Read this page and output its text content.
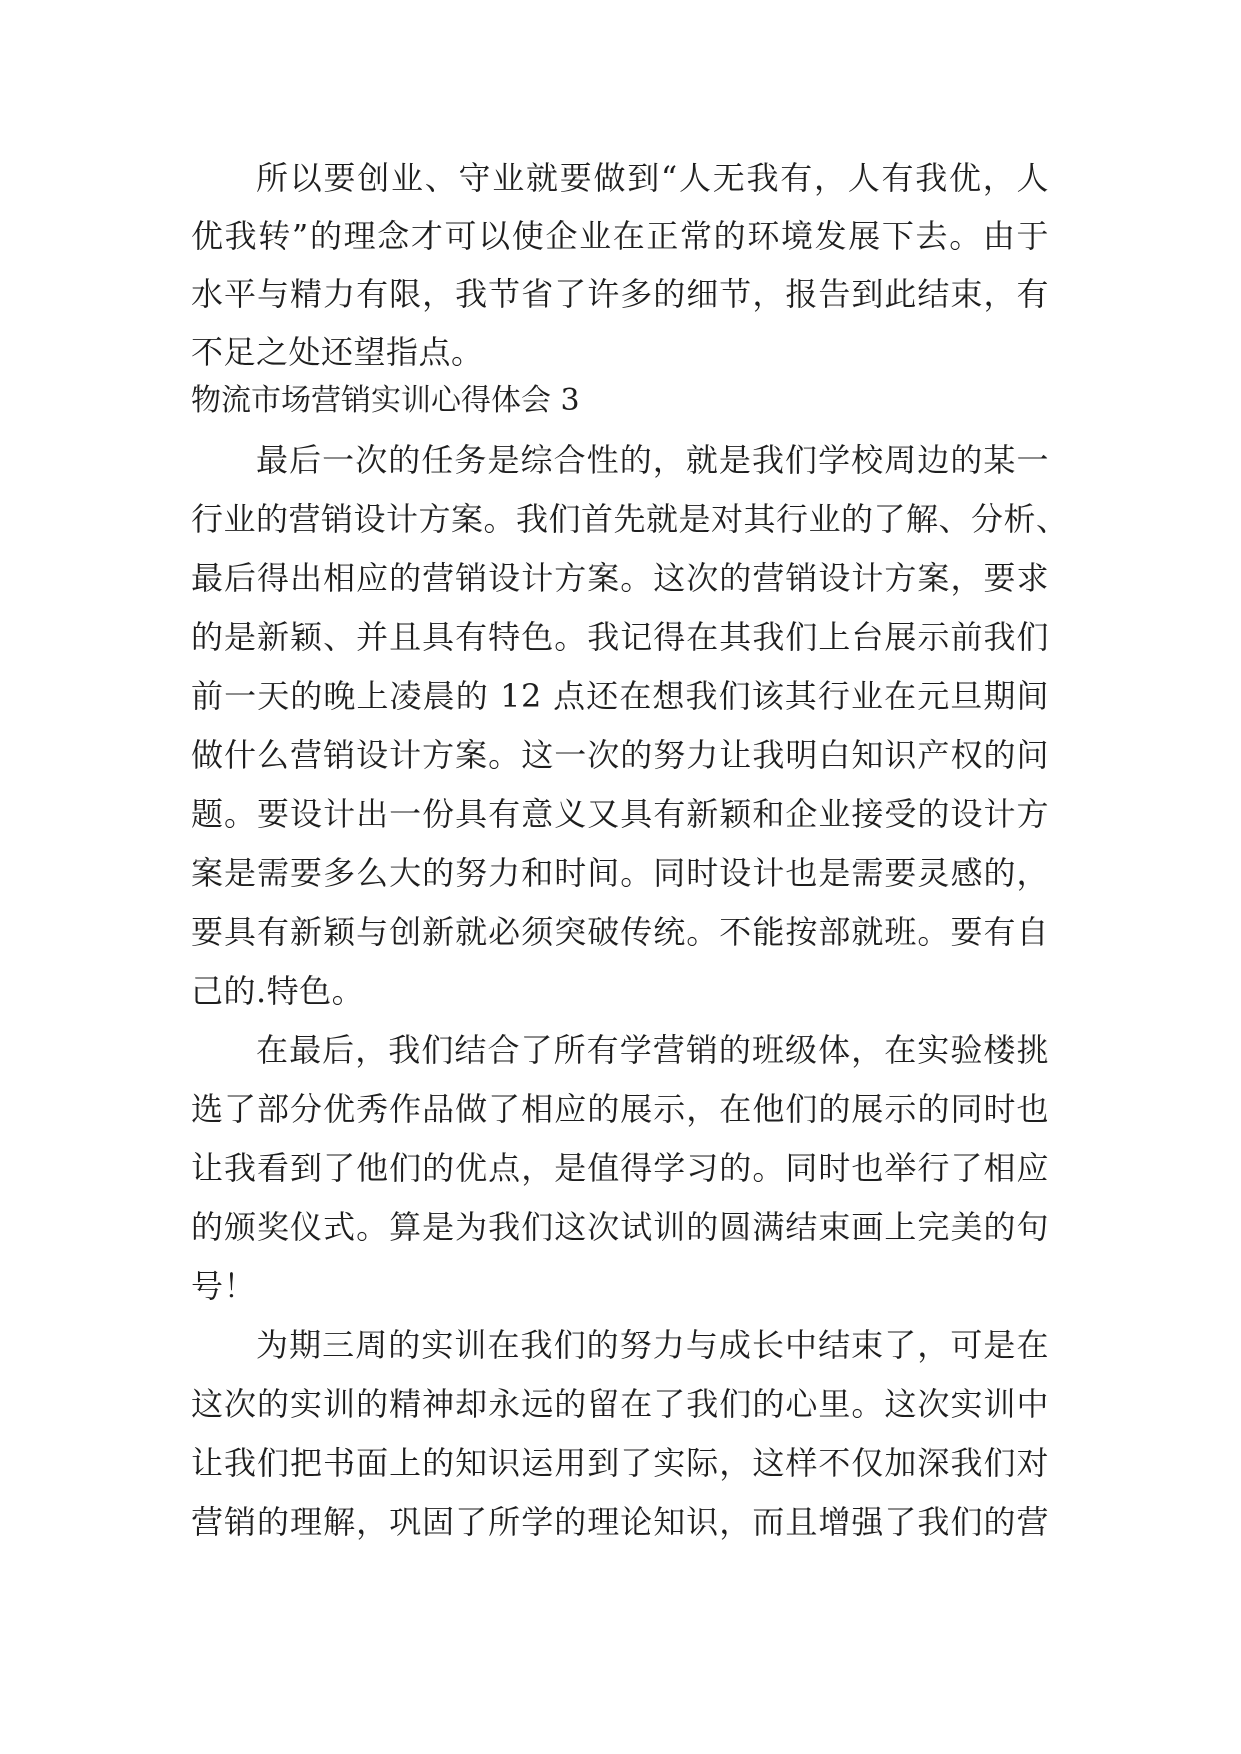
所以要创业、守业就要做到“人无我有，人有我优，人
优我转”的理念才可以使企业在正常的环境发展下去。由于
水平与精力有限，我节省了许多的细节，报告到此结束，有
不足之处还望指点。
物流市场营销实训心得体会 3
最后一次的任务是综合性的，就是我们学校周边的某一
行业的营销设计方案。我们首先就是对其行业的了解、分析、
最后得出相应的营销设计方案。这次的营销设计方案，要求
的是新颖、并且具有特色。我记得在其我们上台展示前我们
前一天的晚上凌晨的 12 点还在想我们该其行业在元旦期间
做什么营销设计方案。这一次的努力让我明白知识产权的问
题。要设计出一份具有意义又具有新颖和企业接受的设计方
案是需要多么大的努力和时间。同时设计也是需要灵感的，
要具有新颖与创新就必须突破传统。不能按部就班。要有自
己的.特色。
在最后，我们结合了所有学营销的班级体，在实验楼挑
选了部分优秀作品做了相应的展示，在他们的展示的同时也
让我看到了他们的优点，是值得学习的。同时也举行了相应
的颁奖仪式。算是为我们这次试训的圆满结束画上完美的句
号！
为期三周的实训在我们的努力与成长中结束了，可是在
这次的实训的精神却永远的留在了我们的心里。这次实训中
让我们把书面上的知识运用到了实际，这样不仅加深我们对
营销的理解，巩固了所学的理论知识，而且增强了我们的营
